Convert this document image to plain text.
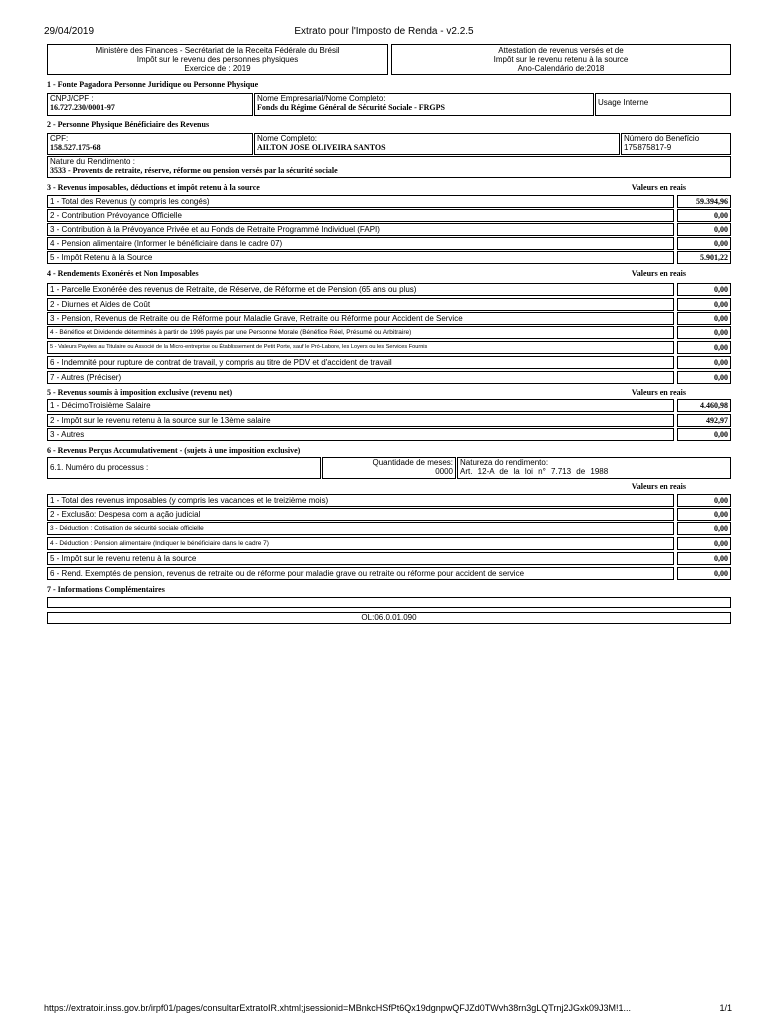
29/04/2019	Extrato pour l'Imposto de Renda - v2.2.5
Ministère des Finances - Secrétariat de la Receita Fédérale du Brésil
Impôt sur le revenu des personnes physiques
Exercice de : 2019
Attestation de revenus versés et de
Impôt sur le revenu retenu à la source
Ano-Calendário de:2018
1 - Fonte Pagadora Personne Juridique ou Personne Physique
CNPJ/CPF :
16.727.230/0001-97
Nome Empresarial/Nome Completo:
Fonds du Régime Général de Sécurité Sociale - FRGPS
Usage Interne
2 - Personne Physique Bénéficiaire des Revenus
CPF:
158.527.175-68
Nome Completo:
AILTON JOSE OLIVEIRA SANTOS
Número do Benefício
175875817-9
Nature du Rendimento :
3533 - Provents de retraite, réserve, réforme ou pension versés par la sécurité sociale
3 - Revenus imposables, déductions et impôt retenu à la source	Valeurs en reais
1 - Total des Revenus (y compris les congés)	59.394,96
2 - Contribution Prévoyance Officielle	0,00
3 - Contribution à la Prévoyance Privée et au Fonds de Retraite Programmé Individuel (FAPI)	0,00
4 - Pension alimentaire (Informer le bénéficiaire dans le cadre 07)	0,00
5 - Impôt Retenu à la Source	5.901,22
4 - Rendements Exonérés et Non Imposables	Valeurs en reais
1 - Parcelle Exonérée des revenus de Retraite, de Réserve, de Réforme et de Pension (65 ans ou plus)	0,00
2 - Diurnes et Aides de Coût	0,00
3 - Pension, Revenus de Retraite ou de Réforme pour Maladie Grave, Retraite ou Réforme pour Accident de Service	0,00
4 - Bénéfice et Dividende déterminés à partir de 1996 payés par une Personne Morale (Bénéfice Réel, Présumé ou Arbitraire)	0,00
5 - Valeurs Payées au Titulaire ou Associé de la Micro-entreprise ou Établissement de Petit Porte, sauf le Pró-Labore, les Loyers ou les Services Fournis	0,00
6 - Indemnité pour rupture de contrat de travail, y compris au titre de PDV et d'accident de travail	0,00
7 - Autres (Préciser)	0,00
5 - Revenus soumis à imposition exclusive (revenu net)	Valeurs en reais
1 - DécimoTroisième Salaire	4.460,98
2 - Impôt sur le revenu retenu à la source sur le 13ème salaire	492,97
3 - Autres	0,00
6 - Revenus Perçus Accumulativement - (sujets à une imposition exclusive)
6.1. Numéro du processus :
Quantidade de meses:
0000
Natureza do rendimento:
Art. 12-A de la loi n° 7.713 de 1988
Valeurs en reais
1 - Total des revenus imposables (y compris les vacances et le treizième mois)	0,00
2 - Exclusão: Despesa com a ação judicial	0,00
3 - Déduction : Cotisation de sécurité sociale officielle	0,00
4 - Déduction : Pension alimentaire (Indiquer le bénéficiaire dans le cadre 7)	0,00
5 - Impôt sur le revenu retenu à la source	0,00
6 - Rend. Exemptés de pension, revenus de retraite ou de réforme pour maladie grave ou retraite ou réforme pour accident de service	0,00
7 - Informations Complémentaires
OL:06.0.01.090
https://extratoir.inss.gov.br/irpf01/pages/consultarExtratoIR.xhtml;jsessionid=MBnkcHSfPt6Qx19dgnpwQFJZd0TWvh38rn3gLQTrnj2JGxk09J3M!1...	1/1
